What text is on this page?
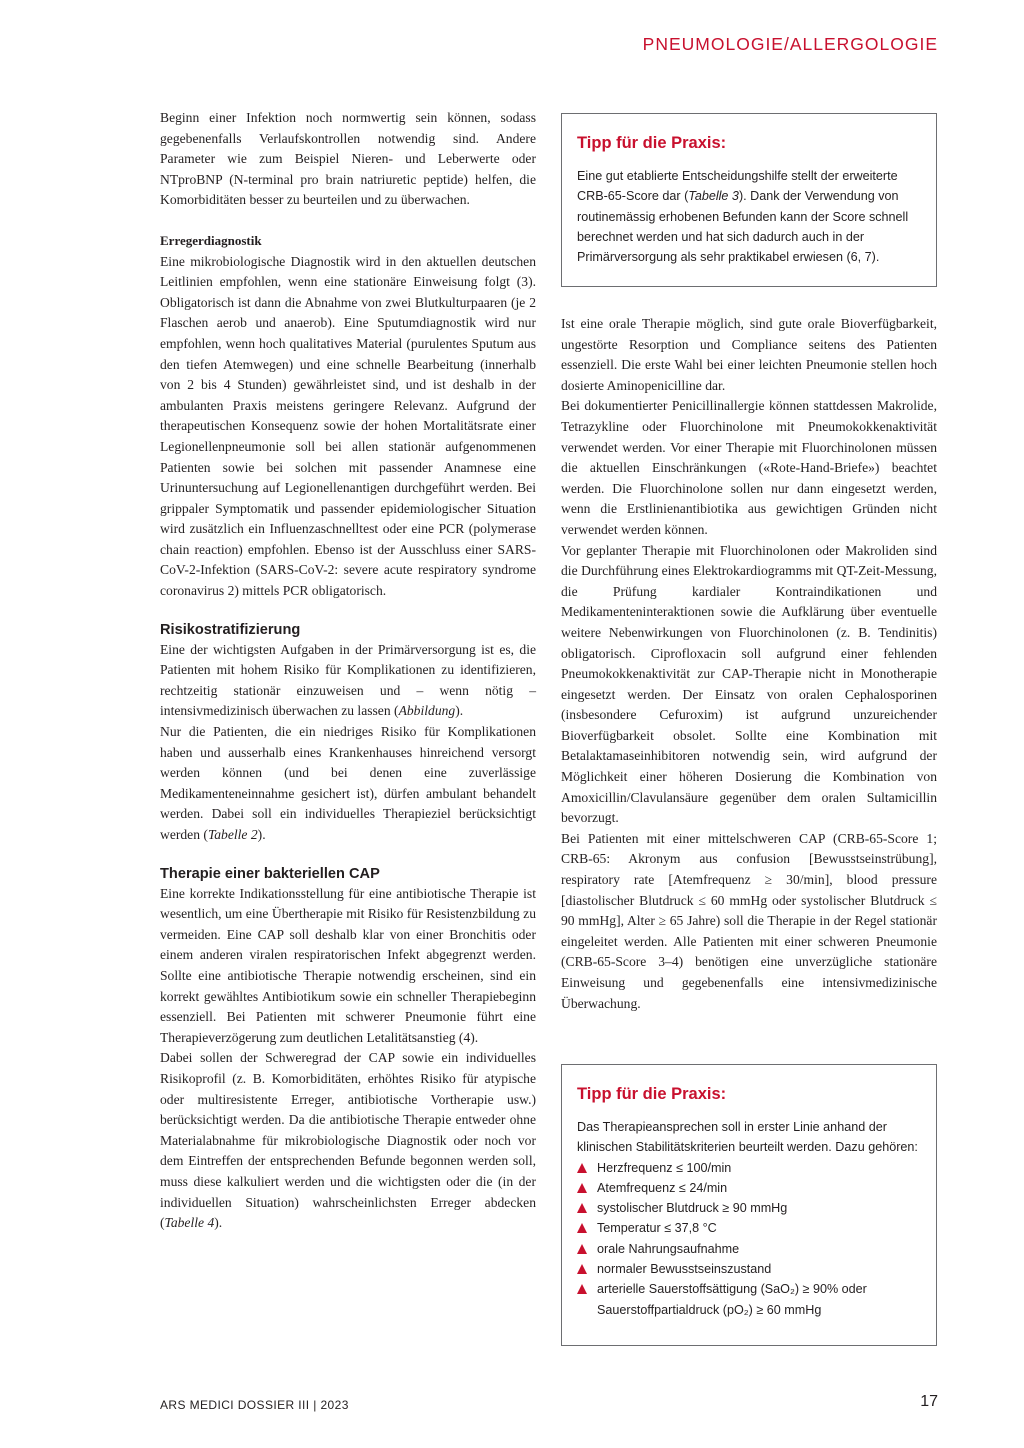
PNEUMOLOGIE/ALLERGOLOGIE

Beginn einer Infektion noch normwertig sein können, sodass gegebenenfalls Verlaufskontrollen notwendig sind. Andere Parameter wie zum Beispiel Nieren- und Leberwerte oder NTproBNP (N-terminal pro brain natriuretic peptide) helfen, die Komorbiditäten besser zu beurteilen und zu überwachen.

Erregerdiagnostik

Eine mikrobiologische Diagnostik wird in den aktuellen deutschen Leitlinien empfohlen, wenn eine stationäre Einweisung folgt (3). Obligatorisch ist dann die Abnahme von zwei Blutkulturpaaren (je 2 Flaschen aerob und anaerob). Eine Sputumdiagnostik wird nur empfohlen, wenn hoch qualitatives Material (purulentes Sputum aus den tiefen Atemwegen) und eine schnelle Bearbeitung (innerhalb von 2 bis 4 Stunden) gewährleistet sind, und ist deshalb in der ambulanten Praxis meistens geringere Relevanz. Aufgrund der therapeutischen Konsequenz sowie der hohen Mortalitätsrate einer Legionellenpneumonie soll bei allen stationär aufgenommenen Patienten sowie bei solchen mit passender Anamnese eine Urinuntersuchung auf Legionellenantigen durchgeführt werden. Bei grippaler Symptomatik und passender epidemiologischer Situation wird zusätzlich ein Influenzaschnelltest oder eine PCR (polymerase chain reaction) empfohlen. Ebenso ist der Ausschluss einer SARS-CoV-2-Infektion (SARS-CoV-2: severe acute respiratory syndrome coronavirus 2) mittels PCR obligatorisch.

Risikostratifizierung

Eine der wichtigsten Aufgaben in der Primärversorgung ist es, die Patienten mit hohem Risiko für Komplikationen zu identifizieren, rechtzeitig stationär einzuweisen und – wenn nötig – intensivmedizinisch überwachen zu lassen (Abbildung).

Nur die Patienten, die ein niedriges Risiko für Komplikationen haben und ausserhalb eines Krankenhauses hinreichend versorgt werden können (und bei denen eine zuverlässige Medikamenteneinnahme gesichert ist), dürfen ambulant behandelt werden. Dabei soll ein individuelles Therapieziel berücksichtigt werden (Tabelle 2).

Therapie einer bakteriellen CAP

Eine korrekte Indikationsstellung für eine antibiotische Therapie ist wesentlich, um eine Übertherapie mit Risiko für Resistenzbildung zu vermeiden. Eine CAP soll deshalb klar von einer Bronchitis oder einem anderen viralen respiratorischen Infekt abgegrenzt werden. Sollte eine antibiotische Therapie notwendig erscheinen, sind ein korrekt gewähltes Antibiotikum sowie ein schneller Therapiebeginn essenziell. Bei Patienten mit schwerer Pneumonie führt eine Therapieverzögerung zum deutlichen Letalitätsanstieg (4).

Dabei sollen der Schweregrad der CAP sowie ein individuelles Risikoprofil (z. B. Komorbiditäten, erhöhtes Risiko für atypische oder multiresistente Erreger, antibiotische Vortherapie usw.) berücksichtigt werden. Da die antibiotische Therapie entweder ohne Materialabnahme für mikrobiologische Diagnostik oder noch vor dem Eintreffen der entsprechenden Befunde begonnen werden soll, muss diese kalkuliert werden und die wichtigsten oder die (in der individuellen Situation) wahrscheinlichsten Erreger abdecken (Tabelle 4).

Tipp für die Praxis:
Eine gut etablierte Entscheidungshilfe stellt der erweiterte CRB-65-Score dar (Tabelle 3). Dank der Verwendung von routinemässig erhobenen Befunden kann der Score schnell berechnet werden und hat sich dadurch auch in der Primärversorgung als sehr praktikabel erwiesen (6, 7).

Ist eine orale Therapie möglich, sind gute orale Bioverfügbarkeit, ungestörte Resorption und Compliance seitens des Patienten essenziell. Die erste Wahl bei einer leichten Pneumonie stellen hoch dosierte Aminopenicilline dar.

Bei dokumentierter Penicillinallergie können stattdessen Makrolide, Tetrazykline oder Fluorchinolone mit Pneumokokkenaktivität verwendet werden. Vor einer Therapie mit Fluorchinolonen müssen die aktuellen Einschränkungen («Rote-Hand-Briefe») beachtet werden. Die Fluorchinolone sollen nur dann eingesetzt werden, wenn die Erstlinienantibiotika aus gewichtigen Gründen nicht verwendet werden können.

Vor geplanter Therapie mit Fluorchinolonen oder Makroliden sind die Durchführung eines Elektrokardiogramms mit QT-Zeit-Messung, die Prüfung kardialer Kontraindikationen und Medikamenteninteraktionen sowie die Aufklärung über eventuelle weitere Nebenwirkungen von Fluorchinolonen (z. B. Tendinitis) obligatorisch. Ciprofloxacin soll aufgrund einer fehlenden Pneumokokkenaktivität zur CAP-Therapie nicht in Monotherapie eingesetzt werden. Der Einsatz von oralen Cephalosporinen (insbesondere Cefuroxim) ist aufgrund unzureichender Bioverfügbarkeit obsolet. Sollte eine Kombination mit Betalaktamaseinhibitoren notwendig sein, wird aufgrund der Möglichkeit einer höheren Dosierung die Kombination von Amoxicillin/Clavulansäure gegenüber dem oralen Sultamicillin bevorzugt.

Bei Patienten mit einer mittelschweren CAP (CRB-65-Score 1; CRB-65: Akronym aus confusion [Bewusstseinstrübung], respiratory rate [Atemfrequenz ≥ 30/min], blood pressure [diastolischer Blutdruck ≤ 60 mmHg oder systolischer Blutdruck ≤ 90 mmHg], Alter ≥ 65 Jahre) soll die Therapie in der Regel stationär eingeleitet werden. Alle Patienten mit einer schweren Pneumonie (CRB-65-Score 3–4) benötigen eine unverzügliche stationäre Einweisung und gegebenenfalls eine intensivmedizinische Überwachung.

Tipp für die Praxis:
Das Therapieansprechen soll in erster Linie anhand der klinischen Stabilitätskriterien beurteilt werden. Dazu gehören:
Herzfrequenz ≤ 100/min
Atemfrequenz ≤ 24/min
systolischer Blutdruck ≥ 90 mmHg
Temperatur ≤ 37,8 °C
orale Nahrungsaufnahme
normaler Bewusstseinszustand
arterielle Sauerstoffsättigung (SaO₂) ≥ 90% oder Sauerstoffpartialdruck (pO₂) ≥ 60 mmHg
ARS MEDICI DOSSIER III | 2023	17
